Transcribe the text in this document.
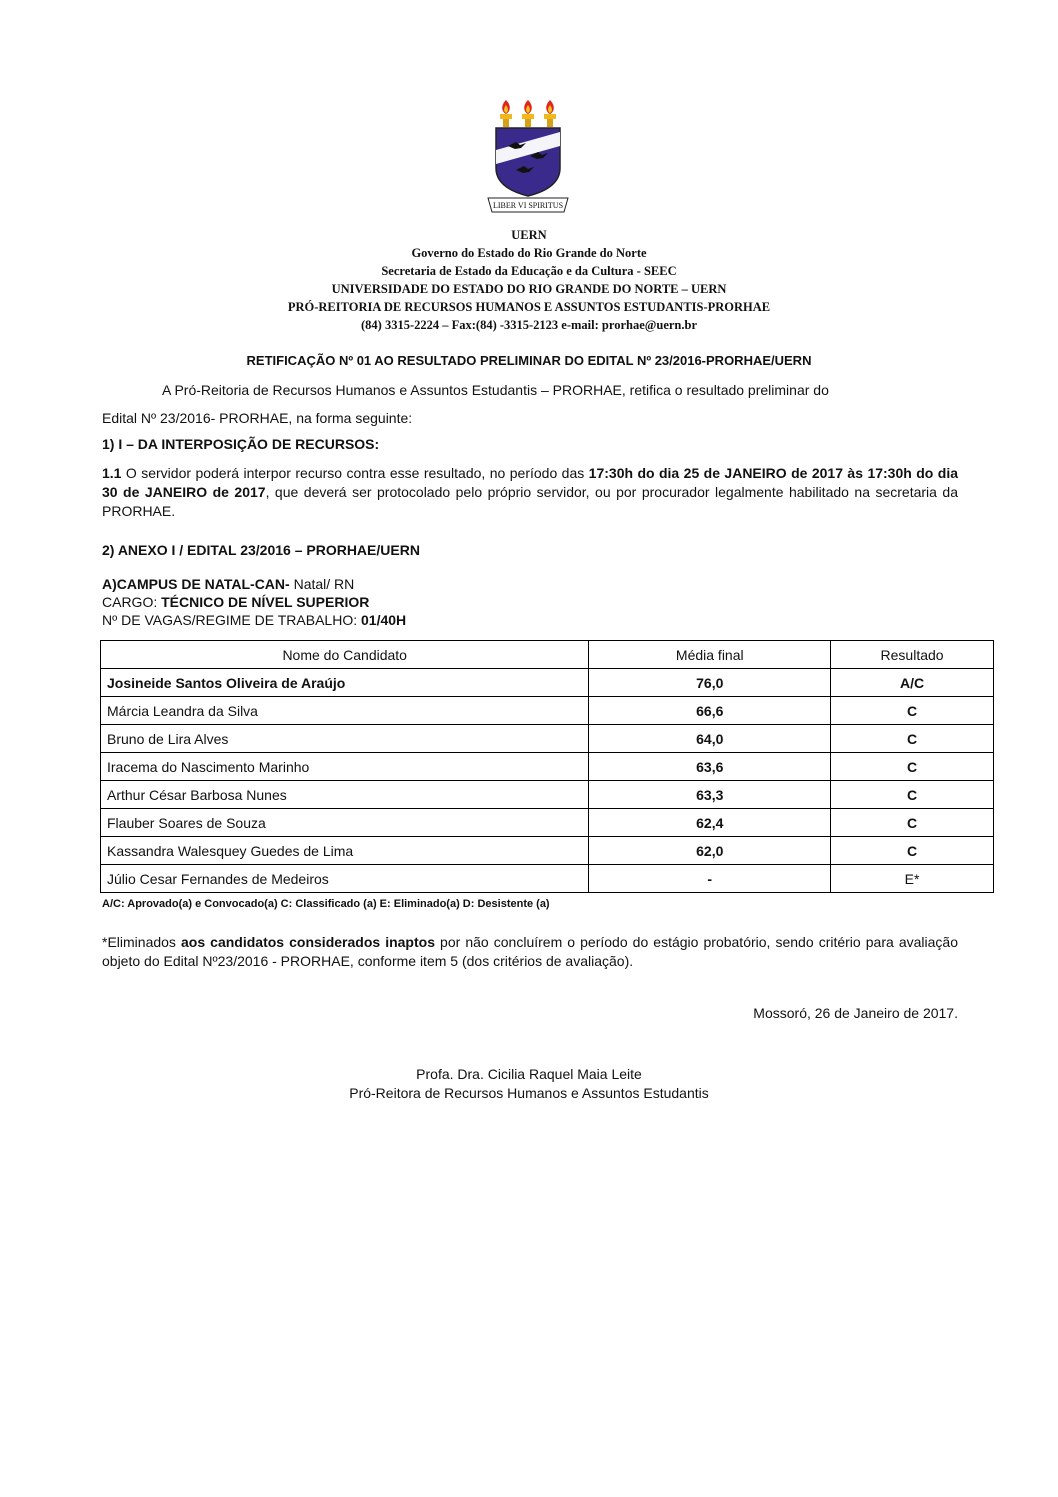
LIBER VI SPIRITUS
UERN
Governo do Estado do Rio Grande do Norte
Secretaria de Estado da Educação e da Cultura - SEEC
UNIVERSIDADE DO ESTADO DO RIO GRANDE DO NORTE – UERN
PRÓ-REITORIA DE RECURSOS HUMANOS E ASSUNTOS ESTUDANTIS-PRORHAE
(84) 3315-2224 – Fax:(84) -3315-2123 e-mail: prorhae@uern.br
RETIFICAÇÃO Nº 01 AO RESULTADO PRELIMINAR DO EDITAL Nº 23/2016-PRORHAE/UERN
A Pró-Reitoria de Recursos Humanos e Assuntos Estudantis – PRORHAE, retifica o resultado preliminar do
Edital Nº 23/2016- PRORHAE, na forma seguinte:
1) I – DA INTERPOSIÇÃO DE RECURSOS:
1.1 O servidor poderá interpor recurso contra esse resultado, no período das 17:30h do dia 25 de JANEIRO de 2017 às 17:30h do dia 30 de JANEIRO de 2017, que deverá ser protocolado pelo próprio servidor, ou por procurador legalmente habilitado na secretaria da PRORHAE.
2) ANEXO I / EDITAL 23/2016 – PRORHAE/UERN
A)CAMPUS DE NATAL-CAN- Natal/ RN
CARGO: TÉCNICO DE NÍVEL SUPERIOR
Nº DE VAGAS/REGIME DE TRABALHO: 01/40H
Nome do Candidato	Média final	Resultado
Josineide Santos Oliveira de Araújo	76,0	A/C
Márcia Leandra da Silva	66,6	C
Bruno de Lira Alves	64,0	C
Iracema do Nascimento Marinho	63,6	C
Arthur César Barbosa Nunes	63,3	C
Flauber Soares de Souza	62,4	C
Kassandra Walesquey Guedes de Lima	62,0	C
Júlio Cesar Fernandes de Medeiros	-	E*
A/C: Aprovado(a) e Convocado(a) C: Classificado (a) E: Eliminado(a) D: Desistente (a)
*Eliminados aos candidatos considerados inaptos por não concluírem o período do estágio probatório, sendo critério para avaliação objeto do Edital Nº23/2016 - PRORHAE, conforme item 5 (dos critérios de avaliação).
Mossoró, 26 de Janeiro de 2017.
Profa. Dra. Cicilia Raquel Maia Leite
Pró-Reitora de Recursos Humanos e Assuntos Estudantis
